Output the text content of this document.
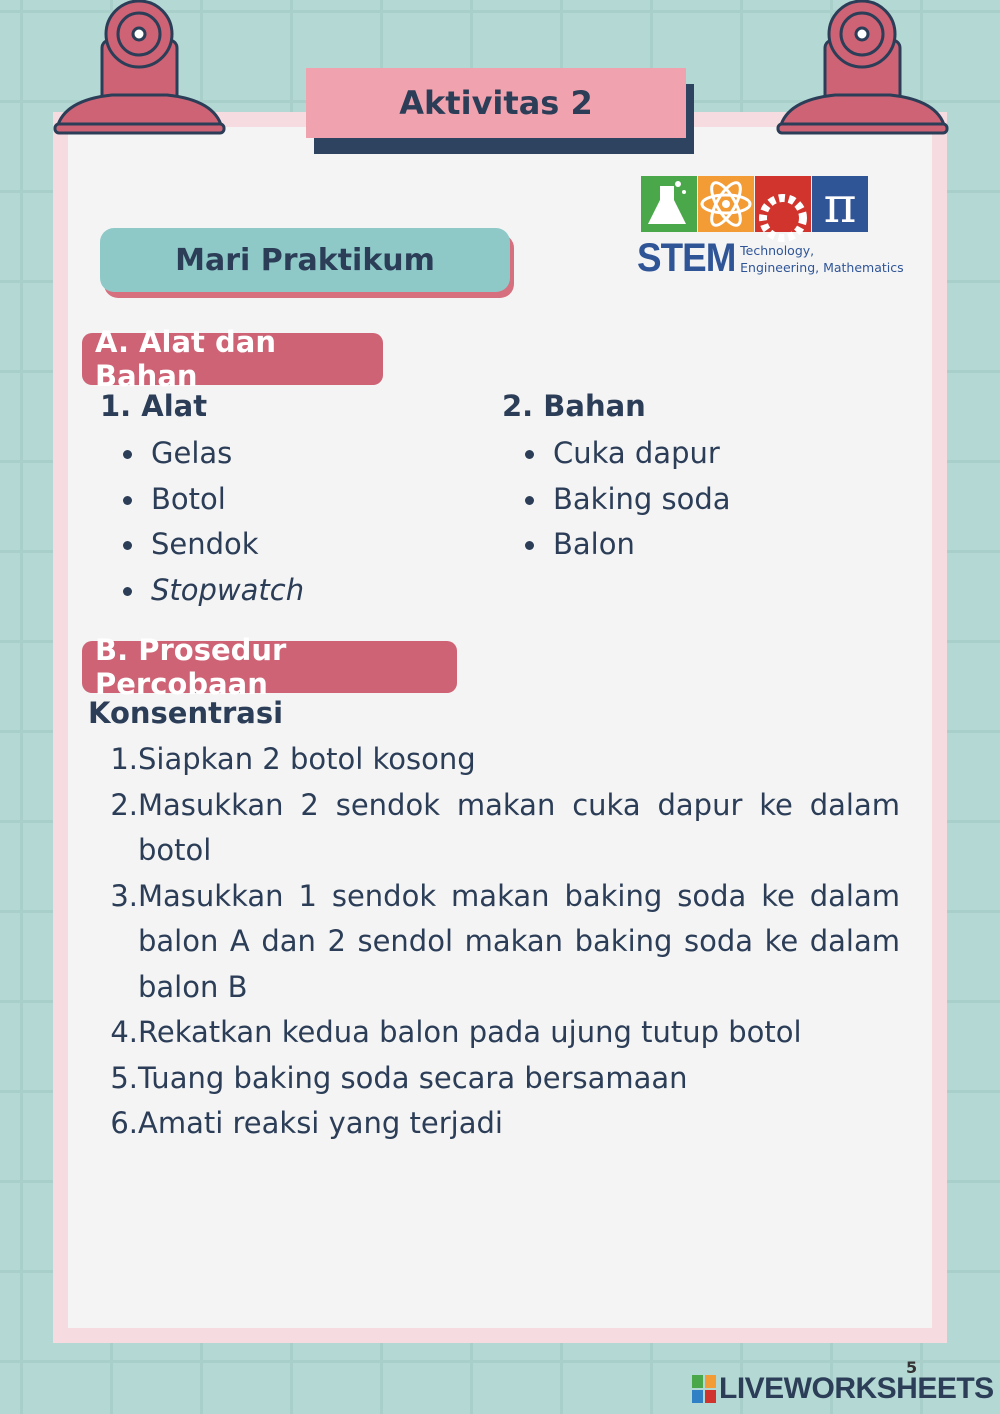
Aktivitas 2
Mari Praktikum
π
STEM Technology,
Engineering, Mathematics
A. Alat dan Bahan
1. Alat
Gelas
Botol
Sendok
Stopwatch
2. Bahan
Cuka dapur
Baking soda
Balon
B. Prosedur Percobaan
Konsentrasi
1. Siapkan 2 botol kosong
2. Masukkan 2 sendok makan cuka dapur ke dalam botol
3. Masukkan 1 sendok makan baking soda ke dalam balon A dan 2 sendol makan baking soda ke dalam balon B
4. Rekatkan kedua balon pada ujung tutup botol
5. Tuang baking soda secara bersamaan
6. Amati reaksi yang terjadi
5
LIVEWORKSHEETS
